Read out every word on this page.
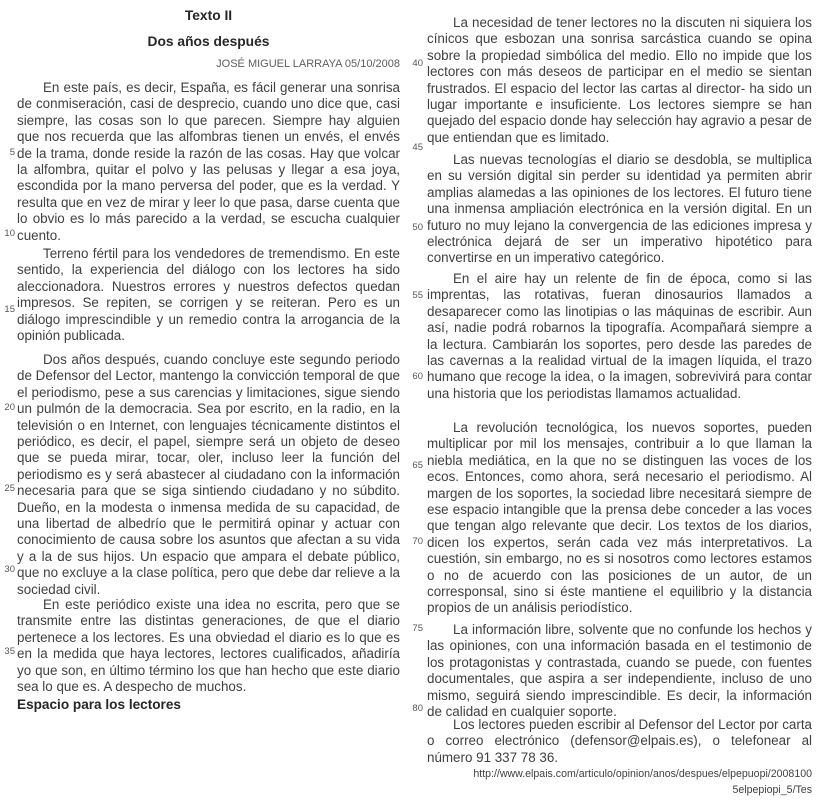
Texto II
Dos años después
JOSÉ MIGUEL LARRAYA 05/10/2008
En este país, es decir, España, es fácil generar una sonrisa de conmiseración, casi de desprecio, cuando uno dice que, casi siempre, las cosas son lo que parecen. Siempre hay alguien que nos recuerda que las alfombras tienen un envés, el envés de la trama, donde reside la razón de las cosas. Hay que volcar la alfombra, quitar el polvo y las pelusas y llegar a esa joya, escondida por la mano perversa del poder, que es la verdad. Y resulta que en vez de mirar y leer lo que pasa, darse cuenta que lo obvio es lo más parecido a la verdad, se escucha cualquier cuento.
Terreno fértil para los vendedores de tremendismo. En este sentido, la experiencia del diálogo con los lectores ha sido aleccionadora. Nuestros errores y nuestros defectos quedan impresos. Se repiten, se corrigen y se reiteran. Pero es un diálogo imprescindible y un remedio contra la arrogancia de la opinión publicada.
Dos años después, cuando concluye este segundo periodo de Defensor del Lector, mantengo la convicción temporal de que el periodismo, pese a sus carencias y limitaciones, sigue siendo un pulmón de la democracia. Sea por escrito, en la radio, en la televisión o en Internet, con lenguajes técnicamente distintos el periódico, es decir, el papel, siempre será un objeto de deseo que se pueda mirar, tocar, oler, incluso leer la función del periodismo es y será abastecer al ciudadano con la información necesaria para que se siga sintiendo ciudadano y no súbdito. Dueño, en la modesta o inmensa medida de su capacidad, de una libertad de albedrío que le permitirá opinar y actuar con conocimiento de causa sobre los asuntos que afectan a su vida y a la de sus hijos. Un espacio que ampara el debate público, que no excluye a la clase política, pero que debe dar relieve a la sociedad civil.
En este periódico existe una idea no escrita, pero que se transmite entre las distintas generaciones, de que el diario pertenece a los lectores. Es una obviedad el diario es lo que es en la medida que haya lectores, lectores cualificados, añadiría yo que son, en último término los que han hecho que este diario sea lo que es. A despecho de muchos.
Espacio para los lectores
5
10
15
20
25
30
35
La necesidad de tener lectores no la discuten ni siquiera los cínicos que esbozan una sonrisa sarcástica cuando se opina sobre la propiedad simbólica del medio. Ello no impide que los lectores con más deseos de participar en el medio se sientan frustrados. El espacio del lector las cartas al director- ha sido un lugar importante e insuficiente. Los lectores siempre se han quejado del espacio donde hay selección hay agravio a pesar de que entiendan que es limitado.
Las nuevas tecnologías el diario se desdobla, se multiplica en su versión digital sin perder su identidad ya permiten abrir amplias alamedas a las opiniones de los lectores. El futuro tiene una inmensa ampliación electrónica en la versión digital. En un futuro no muy lejano la convergencia de las ediciones impresa y electrónica dejará de ser un imperativo hipotético para convertirse en un imperativo categórico.
En el aire hay un relente de fin de época, como si las imprentas, las rotativas, fueran dinosaurios llamados a desaparecer como las linotipias o las máquinas de escribir. Aun así, nadie podrá robarnos la tipografía. Acompañará siempre a la lectura. Cambiarán los soportes, pero desde las paredes de las cavernas a la realidad virtual de la imagen líquida, el trazo humano que recoge la idea, o la imagen, sobrevivirá para contar una historia que los periodistas llamamos actualidad.
La revolución tecnológica, los nuevos soportes, pueden multiplicar por mil los mensajes, contribuir a lo que llaman la niebla mediática, en la que no se distinguen las voces de los ecos. Entonces, como ahora, será necesario el periodismo. Al margen de los soportes, la sociedad libre necesitará siempre de ese espacio intangible que la prensa debe conceder a las voces que tengan algo relevante que decir. Los textos de los diarios, dicen los expertos, serán cada vez más interpretativos. La cuestión, sin embargo, no es si nosotros como lectores estamos o no de acuerdo con las posiciones de un autor, de un corresponsal, sino si éste mantiene el equilibrio y la distancia propios de un análisis periodístico.
La información libre, solvente que no confunde los hechos y las opiniones, con una información basada en el testimonio de los protagonistas y contrastada, cuando se puede, con fuentes documentales, que aspira a ser independiente, incluso de uno mismo, seguirá siendo imprescindible. Es decir, la información de calidad en cualquier soporte.
Los lectores pueden escribir al Defensor del Lector por carta o correo electrónico (defensor@elpais.es), o telefonear al número 91 337 78 36.
40
45
50
55
60
65
70
75
80
http://www.elpais.com/articulo/opinion/anos/despues/elpepuopi/20081005elpepiopi_5/Tes
